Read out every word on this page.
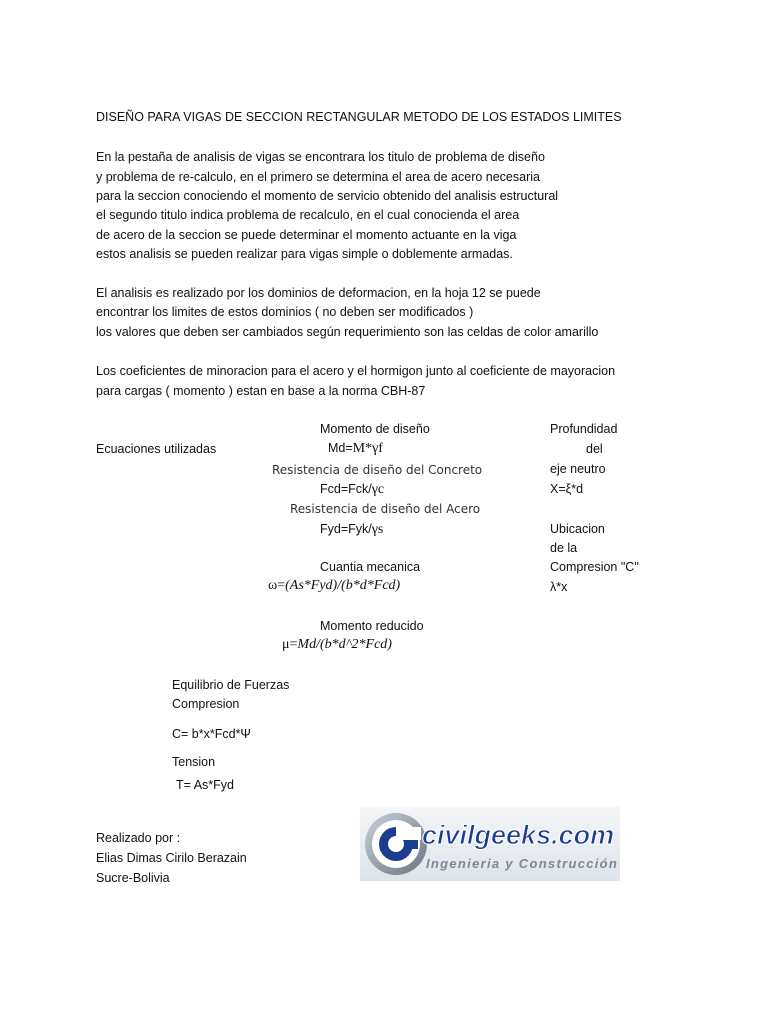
DISEÑO PARA VIGAS DE SECCION RECTANGULAR METODO DE LOS ESTADOS LIMITES
En la pestaña de analisis de vigas se encontrara los titulo de problema de diseño
y problema de re-calculo, en el primero se determina el area de acero necesaria
para la seccion conociendo el momento de servicio obtenido del analisis estructural
el segundo titulo indica problema de recalculo, en el cual conocienda el area
de acero de la seccion se puede determinar el momento actuante en la viga
estos analisis se pueden realizar para vigas simple o doblemente armadas.
El analisis es realizado por los dominios de deformacion, en la hoja 12 se puede
encontrar los limites de estos dominios ( no deben ser modificados )
los valores que deben ser cambiados según requerimiento son las celdas de color amarillo
Los coeficientes de minoracion para el acero y el hormigon junto al coeficiente de mayoracion
para cargas ( momento ) estan en base a la norma CBH-87
Ecuaciones utilizadas
Momento de diseño
Md=M*γf
Resistencia de diseño del Concreto
Fcd=Fck/γc
Resistencia de diseño del Acero
Fyd=Fyk/γs
Cuantia mecanica
ω=(As*Fyd)/(b*d*Fcd)
Momento reducido
μ=Md/(b*d^2*Fcd)
Profundidad
del
eje neutro
X=ξ*d
Ubicacion
de la
Compresion "C"
λ*x
Equilibrio de Fuerzas
Compresion
C= b*x*Fcd*Ψ
Tension
T= As*Fyd
Realizado por :
Elias Dimas Cirilo Berazain
Sucre-Bolivia
civilgeeks.com
Ingenieria y Construcción
